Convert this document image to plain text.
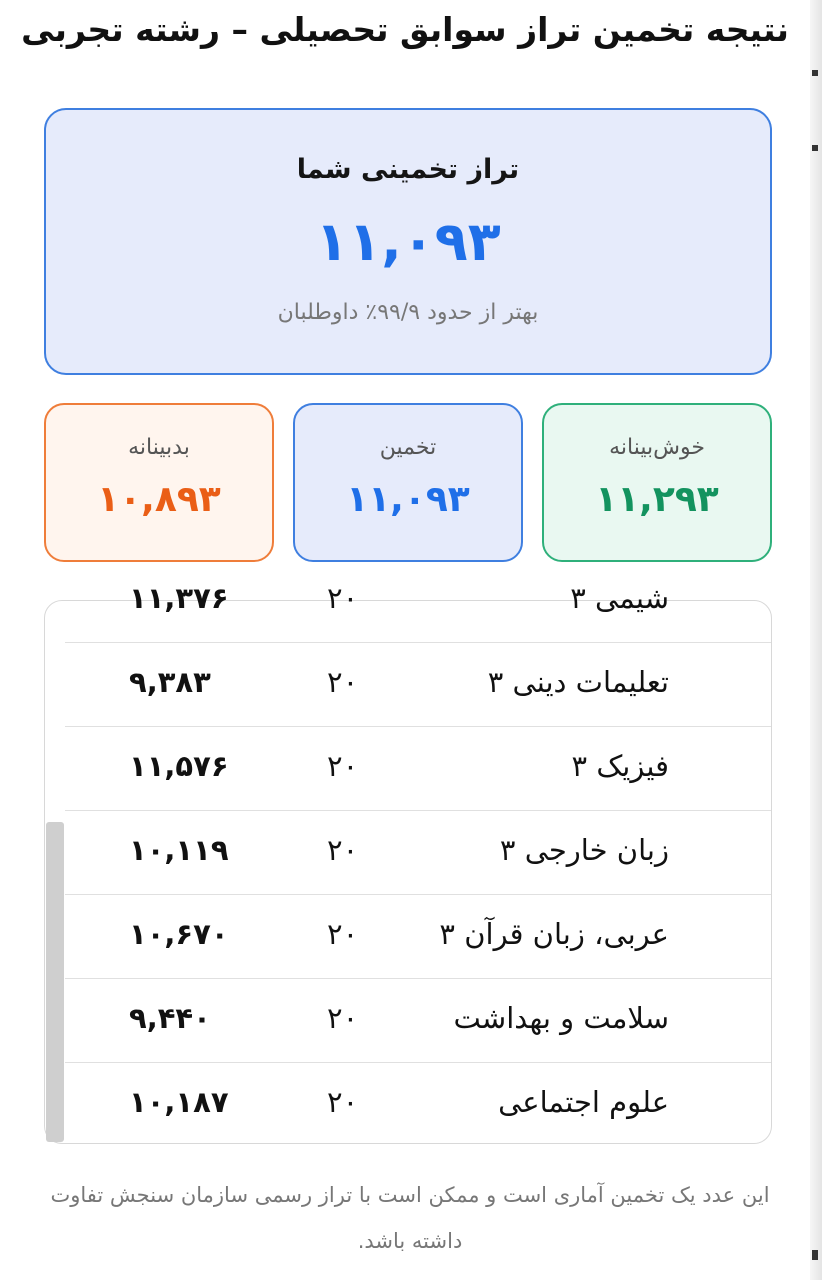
نتیجه تخمین تراز سوابق تحصیلی – رشته تجربی
تراز تخمینی شما
۱۱,۰۹۳
بهتر از حدود ۹۹/۹٪ داوطلبان
خوش‌بینانه
۱۱,۲۹۳
تخمین
۱۱,۰۹۳
بدبینانه
۱۰,۸۹۳
شیمی ۳
۲۰
۱۱,۳۷۶
تعلیمات دینی ۳
۲۰
۹,۳۸۳
فیزیک ۳
۲۰
۱۱,۵۷۶
زبان خارجی ۳
۲۰
۱۰,۱۱۹
عربی، زبان قرآن ۳
۲۰
۱۰,۶۷۰
سلامت و بهداشت
۲۰
۹,۴۴۰
علوم اجتماعی
۲۰
۱۰,۱۸۷
این عدد یک تخمین آماری است و ممکن است با تراز رسمی سازمان سنجش تفاوت داشته باشد.
